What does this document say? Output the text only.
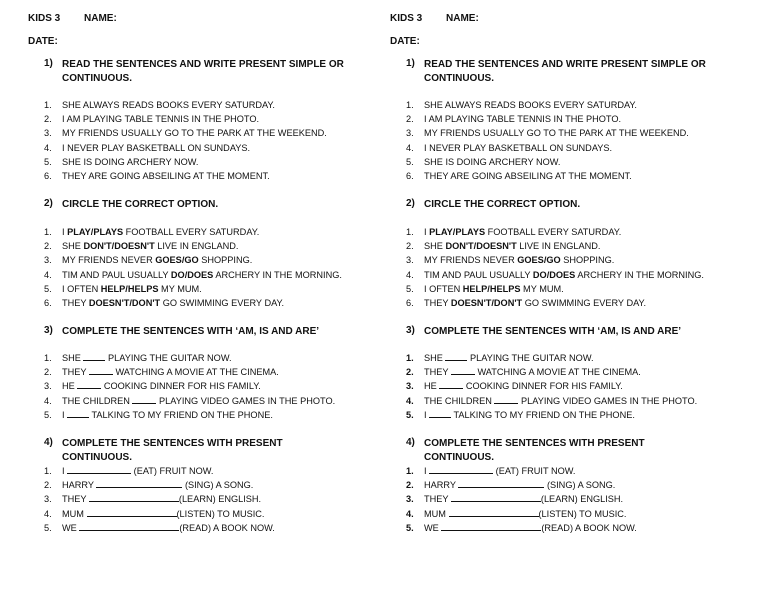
KIDS 3 NAME:
DATE:
1) READ THE SENTENCES AND WRITE PRESENT SIMPLE OR CONTINUOUS.
1. SHE ALWAYS READS BOOKS EVERY SATURDAY.
2. I AM PLAYING TABLE TENNIS IN THE PHOTO.
3. MY FRIENDS USUALLY GO TO THE PARK AT THE WEEKEND.
4. I NEVER PLAY BASKETBALL ON SUNDAYS.
5. SHE IS DOING ARCHERY NOW.
6. THEY ARE GOING ABSEILING AT THE MOMENT.
2) CIRCLE THE CORRECT OPTION.
1. I PLAY/PLAYS FOOTBALL EVERY SATURDAY.
2. SHE DON'T/DOESN'T LIVE IN ENGLAND.
3. MY FRIENDS NEVER GOES/GO SHOPPING.
4. TIM AND PAUL USUALLY DO/DOES ARCHERY IN THE MORNING.
5. I OFTEN HELP/HELPS MY MUM.
6. THEY DOESN'T/DON'T GO SWIMMING EVERY DAY.
3) COMPLETE THE SENTENCES WITH ‘AM, IS AND ARE’
1. SHE  PLAYING THE GUITAR NOW.
2. THEY	WATCHING A MOVIE AT THE CINEMA.
3. HE	COOKING DINNER FOR HIS FAMILY.
4. THE CHILDREN	PLAYING VIDEO GAMES IN THE PHOTO.
5. I  TALKING TO MY FRIEND ON THE PHONE.
4) COMPLETE THE SENTENCES WITH PRESENT CONTINUOUS.
1. I	(EAT) FRUIT NOW.
2. HARRY	(SING) A SONG.
3. THEY	(LEARN) ENGLISH.
4. MUM	(LISTEN) TO MUSIC.
5. WE	(READ) A BOOK NOW.
KIDS 3 NAME:
DATE:
1) READ THE SENTENCES AND WRITE PRESENT SIMPLE OR CONTINUOUS.
1. SHE ALWAYS READS BOOKS EVERY SATURDAY.
2. I AM PLAYING TABLE TENNIS IN THE PHOTO.
3. MY FRIENDS USUALLY GO TO THE PARK AT THE WEEKEND.
4. I NEVER PLAY BASKETBALL ON SUNDAYS.
5. SHE IS DOING ARCHERY NOW.
6. THEY ARE GOING ABSEILING AT THE MOMENT.
2) CIRCLE THE CORRECT OPTION.
1. I PLAY/PLAYS FOOTBALL EVERY SATURDAY.
2. SHE DON'T/DOESN'T LIVE IN ENGLAND.
3. MY FRIENDS NEVER GOES/GO SHOPPING.
4. TIM AND PAUL USUALLY DO/DOES ARCHERY IN THE MORNING.
5. I OFTEN HELP/HELPS MY MUM.
6. THEY DOESN'T/DON'T GO SWIMMING EVERY DAY.
3) COMPLETE THE SENTENCES WITH ‘AM, IS AND ARE’
1. SHE  PLAYING THE GUITAR NOW.
2. THEY	WATCHING A MOVIE AT THE CINEMA.
3. HE	COOKING DINNER FOR HIS FAMILY.
4. THE CHILDREN	PLAYING VIDEO GAMES IN THE PHOTO.
5. I  TALKING TO MY FRIEND ON THE PHONE.
4) COMPLETE THE SENTENCES WITH PRESENT CONTINUOUS.
1. I	(EAT) FRUIT NOW.
2. HARRY	(SING) A SONG.
3. THEY	(LEARN) ENGLISH.
4. MUM	(LISTEN) TO MUSIC.
5. WE	(READ) A BOOK NOW.
